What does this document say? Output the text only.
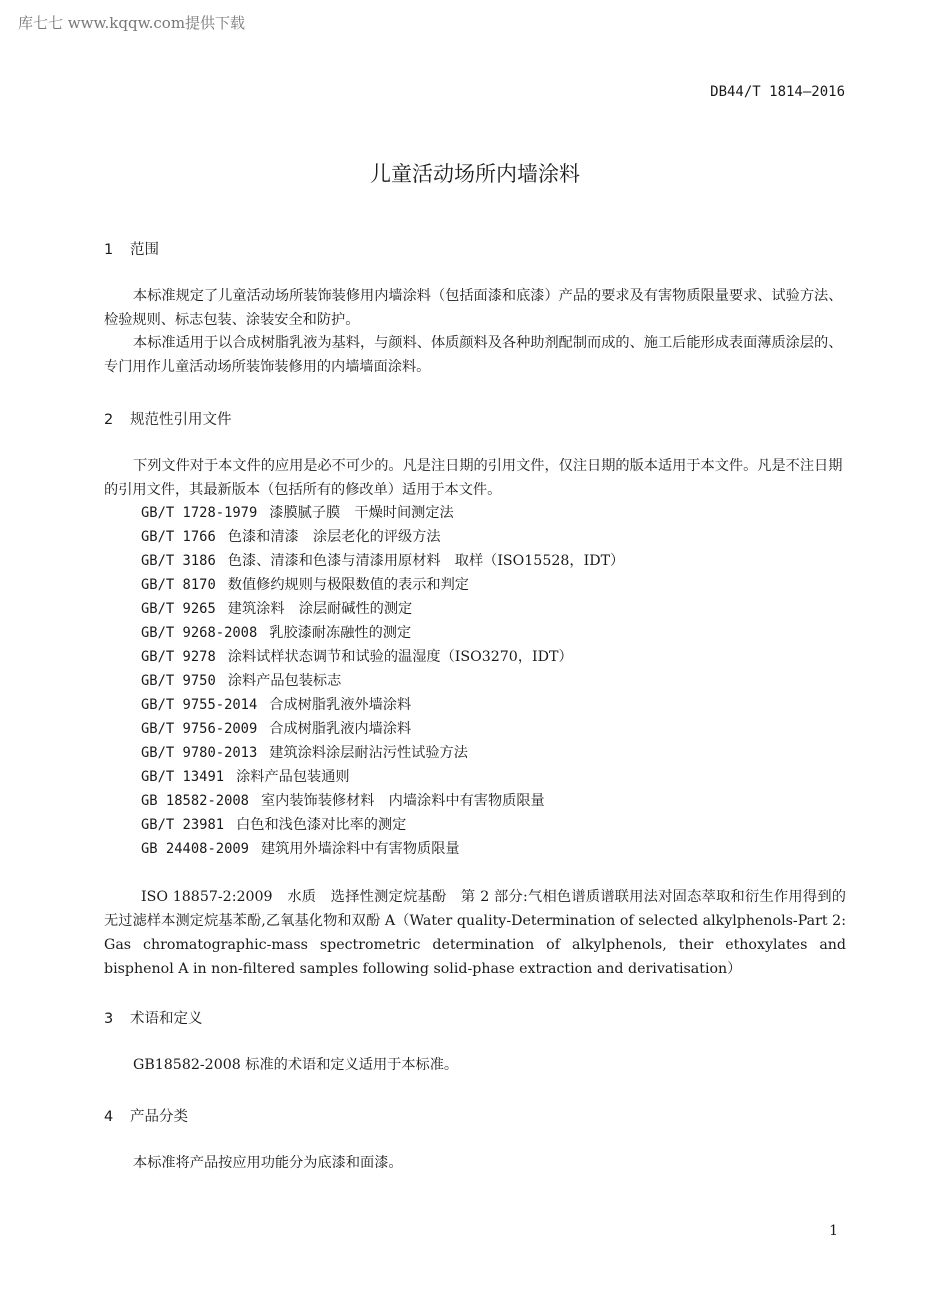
库七七 www.kqqw.com提供下载
DB44/T 1814—2016
儿童活动场所内墙涂料
1 范围

本标准规定了儿童活动场所装饰装修用内墙涂料（包括面漆和底漆）产品的要求及有害物质限量要求、试验方法、检验规则、标志包装、涂装安全和防护。

本标准适用于以合成树脂乳液为基料，与颜料、体质颜料及各种助剂配制而成的、施工后能形成表面薄质涂层的、专门用作儿童活动场所装饰装修用的内墙墙面涂料。

2 规范性引用文件

下列文件对于本文件的应用是必不可少的。凡是注日期的引用文件，仅注日期的版本适用于本文件。凡是不注日期的引用文件，其最新版本（包括所有的修改单）适用于本文件。

GB/T 1728-1979 漆膜腻子膜　干燥时间测定法
GB/T 1766 色漆和清漆　涂层老化的评级方法
GB/T 3186 色漆、清漆和色漆与清漆用原材料　取样（ISO15528，IDT）
GB/T 8170 数值修约规则与极限数值的表示和判定
GB/T 9265 建筑涂料　涂层耐碱性的测定
GB/T 9268-2008 乳胶漆耐冻融性的测定
GB/T 9278 涂料试样状态调节和试验的温湿度（ISO3270，IDT）
GB/T 9750 涂料产品包装标志
GB/T 9755-2014 合成树脂乳液外墙涂料
GB/T 9756-2009 合成树脂乳液内墙涂料
GB/T 9780-2013 建筑涂料涂层耐沾污性试验方法
GB/T 13491 涂料产品包装通则
GB 18582-2008 室内装饰装修材料　内墙涂料中有害物质限量
GB/T 23981 白色和浅色漆对比率的测定
GB 24408-2009 建筑用外墙涂料中有害物质限量
ISO 18857-2:2009　水质　选择性测定烷基酚　第 2 部分:气相色谱质谱联用法对固态萃取和衍生作用得到的无过滤样本测定烷基苯酚,乙氧基化物和双酚 A（Water quality-Determination of selected alkylphenols-Part 2: Gas chromatographic-mass spectrometric determination of alkylphenols, their ethoxylates and bisphenol A in non-filtered samples following solid-phase extraction and derivatisation）
3 术语和定义

GB18582-2008 标准的术语和定义适用于本标准。

4 产品分类

本标准将产品按应用功能分为底漆和面漆。

1
